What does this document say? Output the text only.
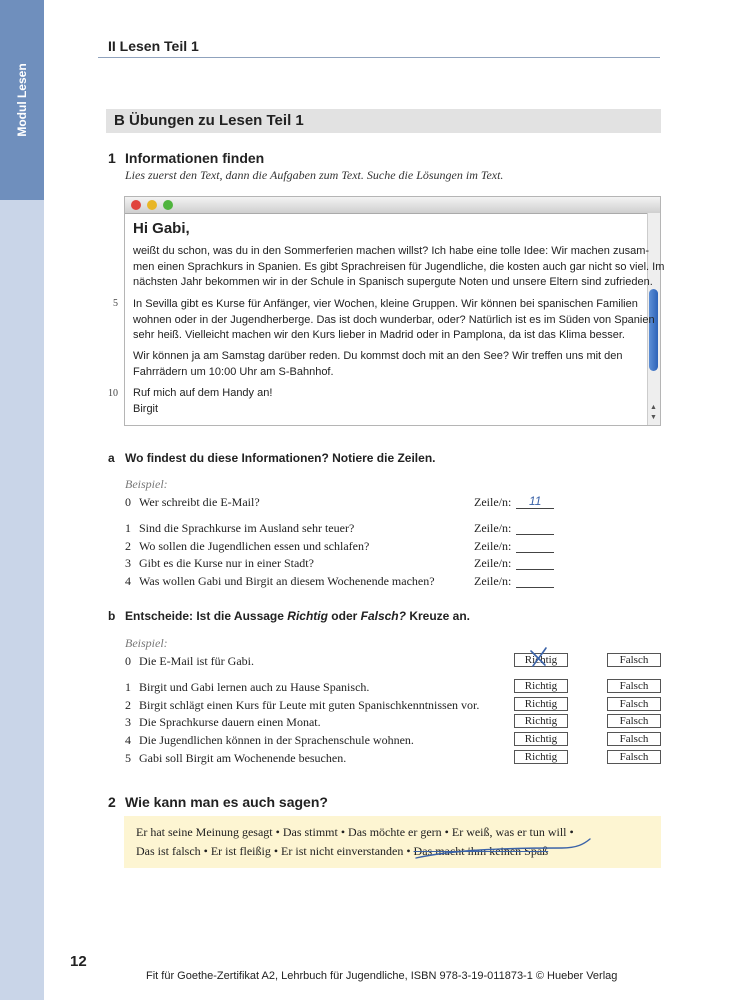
Modul Lesen
II Lesen Teil 1
B Übungen zu Lesen Teil 1
1 Informationen finden
Lies zuerst den Text, dann die Aufgaben zum Text. Suche die Lösungen im Text.
▲
▼
Hi Gabi,
weißt du schon, was du in den Sommerferien machen willst? Ich habe eine tolle Idee: Wir machen zusam-
men einen Sprachkurs in Spanien. Es gibt Sprachreisen für Jugendliche, die kosten auch gar nicht so viel. Im
nächsten Jahr bekommen wir in der Schule in Spanisch supergute Noten und unsere Eltern sind zufrieden.
In Sevilla gibt es Kurse für Anfänger, vier Wochen, kleine Gruppen. Wir können bei spanischen Familien
wohnen oder in der Jugendherberge. Das ist doch wunderbar, oder? Natürlich ist es im Süden von Spanien
sehr heiß. Vielleicht machen wir den Kurs lieber in Madrid oder in Pamplona, da ist das Klima besser.
Wir können ja am Samstag darüber reden. Du kommst doch mit an den See? Wir treffen uns mit den
Fahrrädern um 10:00 Uhr am S-Bahnhof.
Ruf mich auf dem Handy an!
Birgit
5
10
a Wo findest du diese Informationen? Notiere die Zeilen.
Beispiel:
0 Wer schreibt die E-Mail?	Zeile/n: 11
1 Sind die Sprachkurse im Ausland sehr teuer?	Zeile/n:
2 Wo sollen die Jugendlichen essen und schlafen?	Zeile/n:
3 Gibt es die Kurse nur in einer Stadt?	Zeile/n:
4 Was wollen Gabi und Birgit an diesem Wochenende machen?	Zeile/n:
b Entscheide: Ist die Aussage Richtig oder Falsch? Kreuze an.
Beispiel:
0 Die E-Mail ist für Gabi.	Richtig	Falsch
1 Birgit und Gabi lernen auch zu Hause Spanisch.	Richtig	Falsch
2 Birgit schlägt einen Kurs für Leute mit guten Spanischkenntnissen vor.	Richtig	Falsch
3 Die Sprachkurse dauern einen Monat.	Richtig	Falsch
4 Die Jugendlichen können in der Sprachenschule wohnen.	Richtig	Falsch
5 Gabi soll Birgit am Wochenende besuchen.	Richtig	Falsch
2 Wie kann man es auch sagen?
Er hat seine Meinung gesagt • Das stimmt • Das möchte er gern • Er weiß, was er tun will •
Das ist falsch • Er ist fleißig • Er ist nicht einverstanden • Das macht ihm keinen Spaß
12
Fit für Goethe-Zertifikat A2, Lehrbuch für Jugendliche, ISBN 978-3-19-011873-1 © Hueber Verlag
